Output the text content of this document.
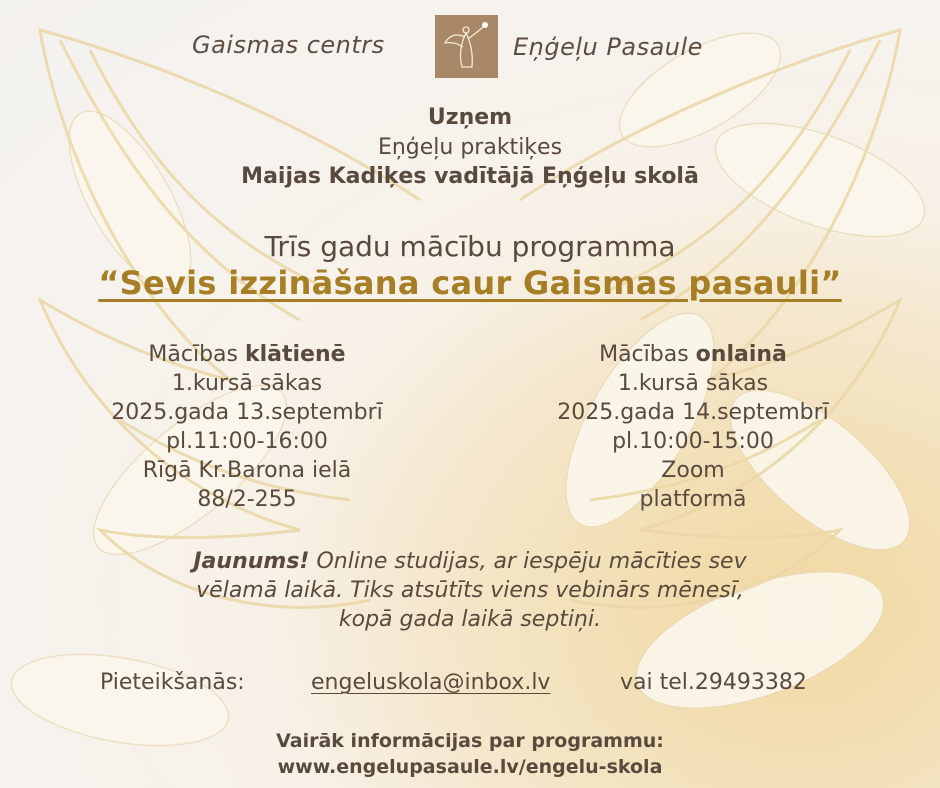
Gaismas centrs	Eņģeļu Pasaule
Uzņem
Eņģeļu praktiķes
Maijas Kadiķes vadītājā Eņģeļu skolā
Trīs gadu mācību programma
“Sevis izzināšana caur Gaismas pasauli”
Mācības klātienē
1.kursā sākas
2025.gada 13.septembrī
pl.11:00-16:00
Rīgā Kr.Barona ielā
88/2-255
Mācības onlainā
1.kursā sākas
2025.gada 14.septembrī
pl.10:00-15:00
Zoom
platformā
Jaunums! Online studijas, ar iespēju mācīties sev
vēlamā laikā. Tiks atsūtīts viens vebinārs mēnesī,
kopā gada laikā septiņi.
Pieteikšanās:	engeluskola@inbox.lv	vai tel.29493382
Vairāk informācijas par programmu:
www.engelupasaule.lv/engelu-skola
